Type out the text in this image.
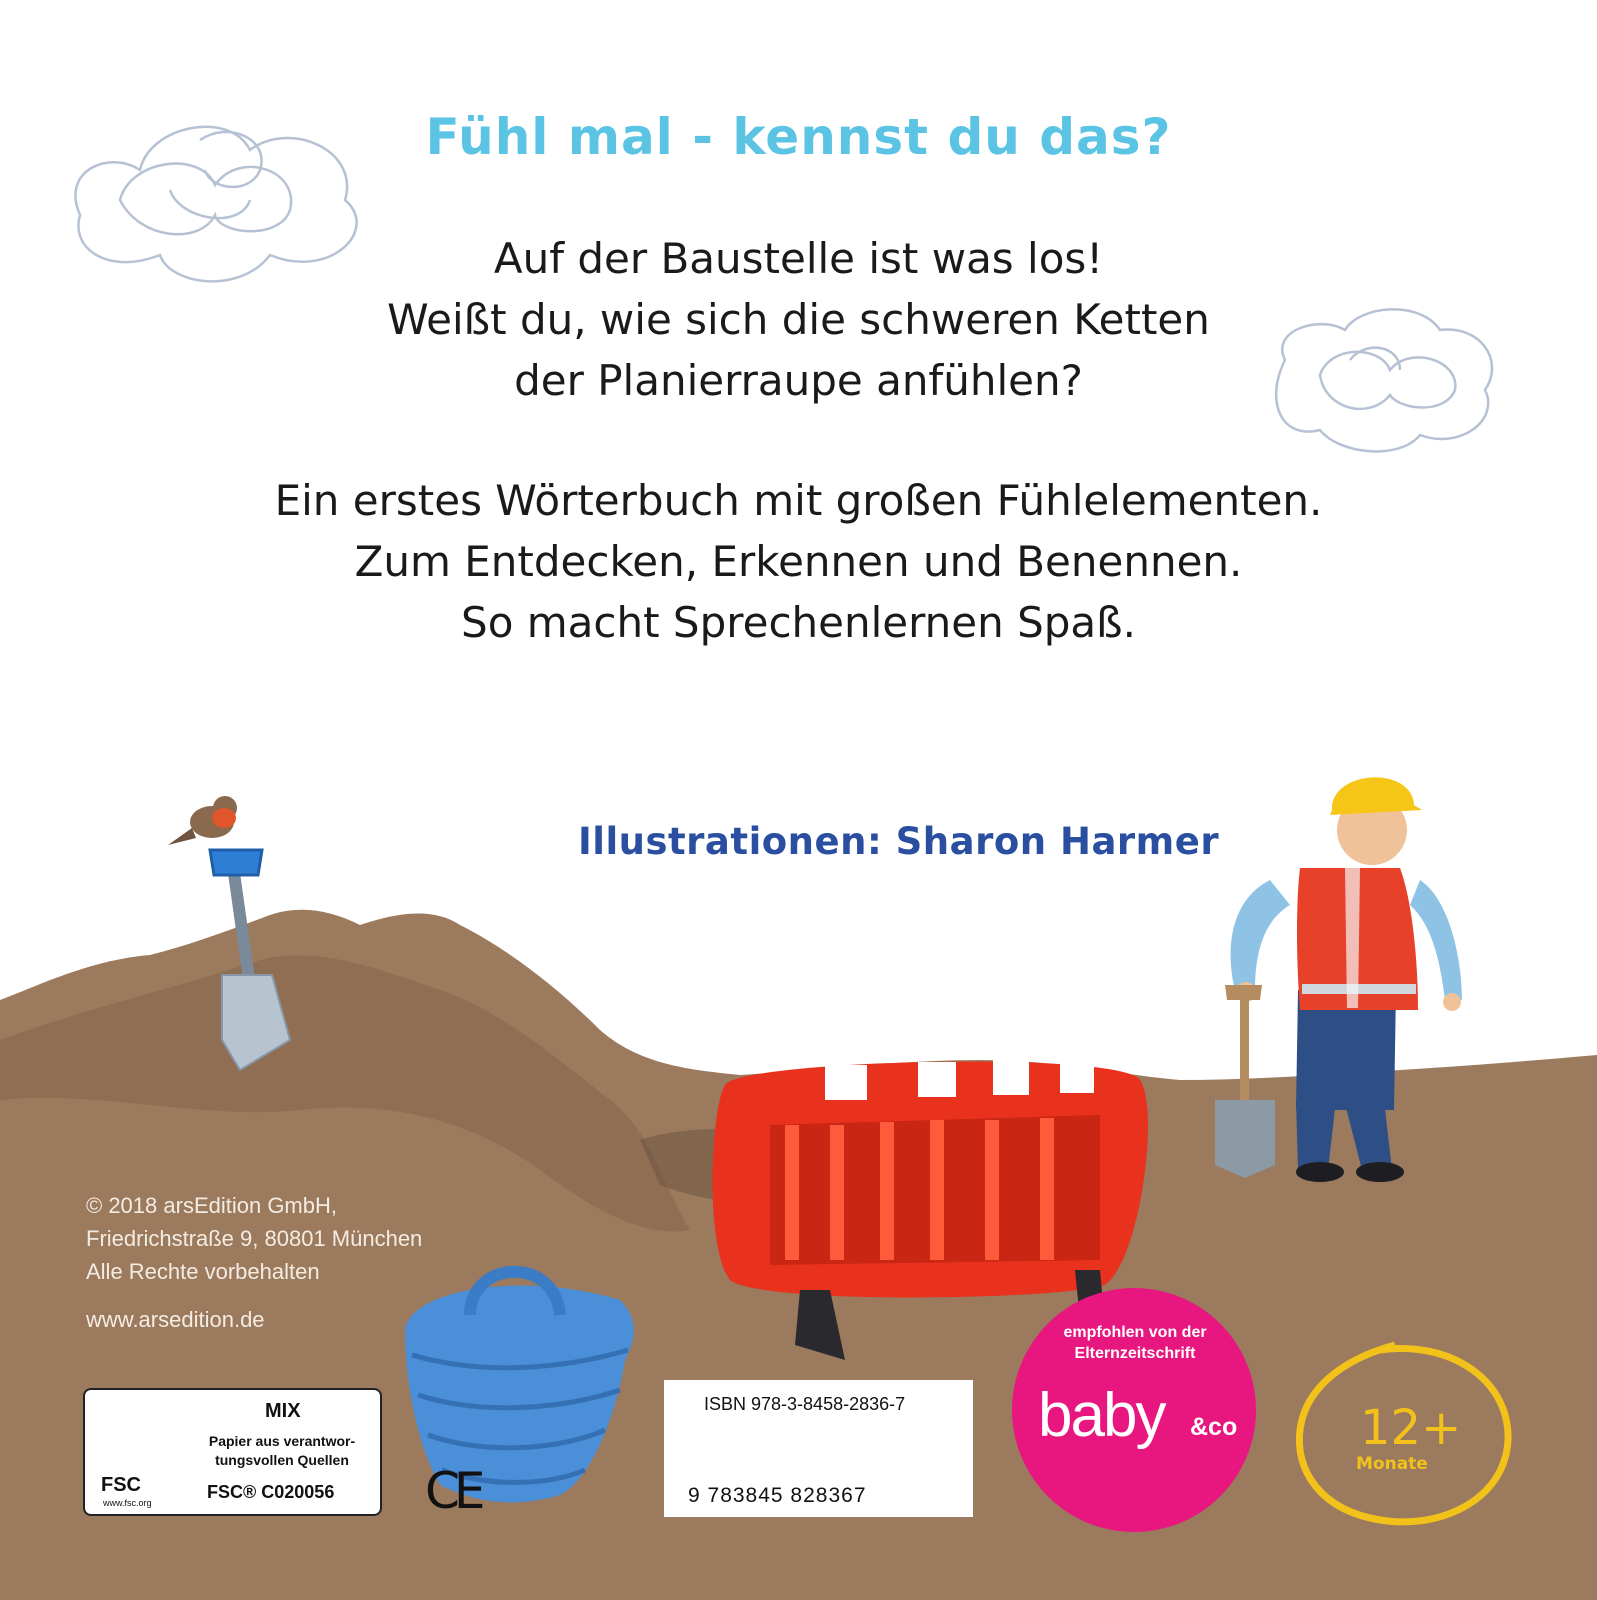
Fühl mal - kennst du das?
Auf der Baustelle ist was los!
Weißt du, wie sich die schweren Ketten
der Planierraupe anfühlen?
Ein erstes Wörterbuch mit großen Fühlelementen.
Zum Entdecken, Erkennen und Benennen.
So macht Sprechenlernen Spaß.
Illustrationen: Sharon Harmer
© 2018 arsEdition GmbH,
Friedrichstraße 9, 80801 München
Alle Rechte vorbehalten
www.arsedition.de
MIX
Papier aus verantwor-
tungsvollen Quellen
FSC
www.fsc.org
FSC® C020056 CE
ISBN 978-3-8458-2836-7
9 783845 828367
empfohlen von der
Elternzeitschrift
baby &co	12+
Monate
